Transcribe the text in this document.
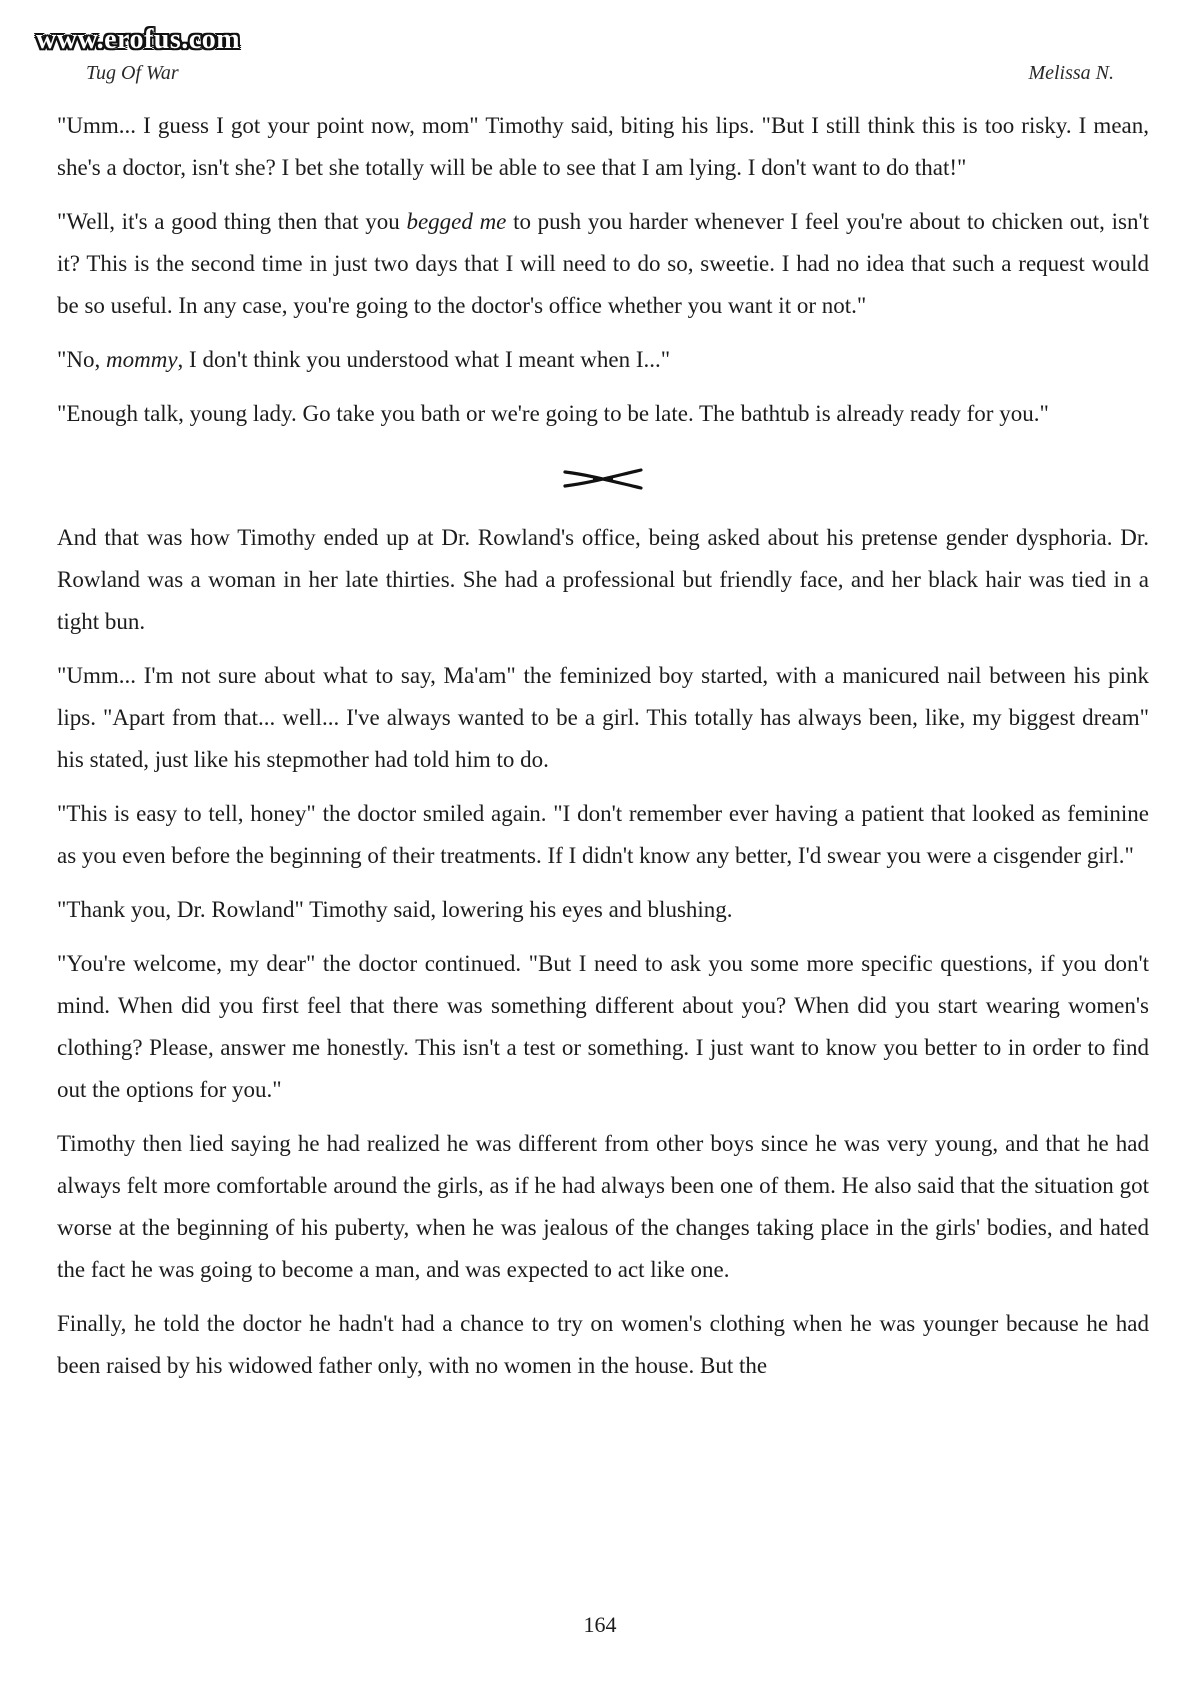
www.erofus.com
Tug Of War	Melissa N.

"Umm... I guess I got your point now, mom" Timothy said, biting his lips. "But I still think this is too risky. I mean, she's a doctor, isn't she? I bet she totally will be able to see that I am lying. I don't want to do that!"

"Well, it's a good thing then that you begged me to push you harder whenever I feel you're about to chicken out, isn't it? This is the second time in just two days that I will need to do so, sweetie. I had no idea that such a request would be so useful. In any case, you're going to the doctor's office whether you want it or not."

"No, mommy, I don't think you understood what I meant when I..."

"Enough talk, young lady. Go take you bath or we're going to be late. The bathtub is already ready for you."

And that was how Timothy ended up at Dr. Rowland's office, being asked about his pretense gender dysphoria. Dr. Rowland was a woman in her late thirties. She had a professional but friendly face, and her black hair was tied in a tight bun.

"Umm... I'm not sure about what to say, Ma'am" the feminized boy started, with a manicured nail between his pink lips. "Apart from that... well... I've always wanted to be a girl. This totally has always been, like, my biggest dream" his stated, just like his stepmother had told him to do.

"This is easy to tell, honey" the doctor smiled again. "I don't remember ever having a patient that looked as feminine as you even before the beginning of their treatments. If I didn't know any better, I'd swear you were a cisgender girl."

"Thank you, Dr. Rowland" Timothy said, lowering his eyes and blushing.

"You're welcome, my dear" the doctor continued. "But I need to ask you some more specific questions, if you don't mind. When did you first feel that there was something different about you? When did you start wearing women's clothing? Please, answer me honestly. This isn't a test or something. I just want to know you better to in order to find out the options for you."

Timothy then lied saying he had realized he was different from other boys since he was very young, and that he had always felt more comfortable around the girls, as if he had always been one of them. He also said that the situation got worse at the beginning of his puberty, when he was jealous of the changes taking place in the girls' bodies, and hated the fact he was going to become a man, and was expected to act like one.

Finally, he told the doctor he hadn't had a chance to try on women's clothing when he was younger because he had been raised by his widowed father only, with no women in the house. But the

164
